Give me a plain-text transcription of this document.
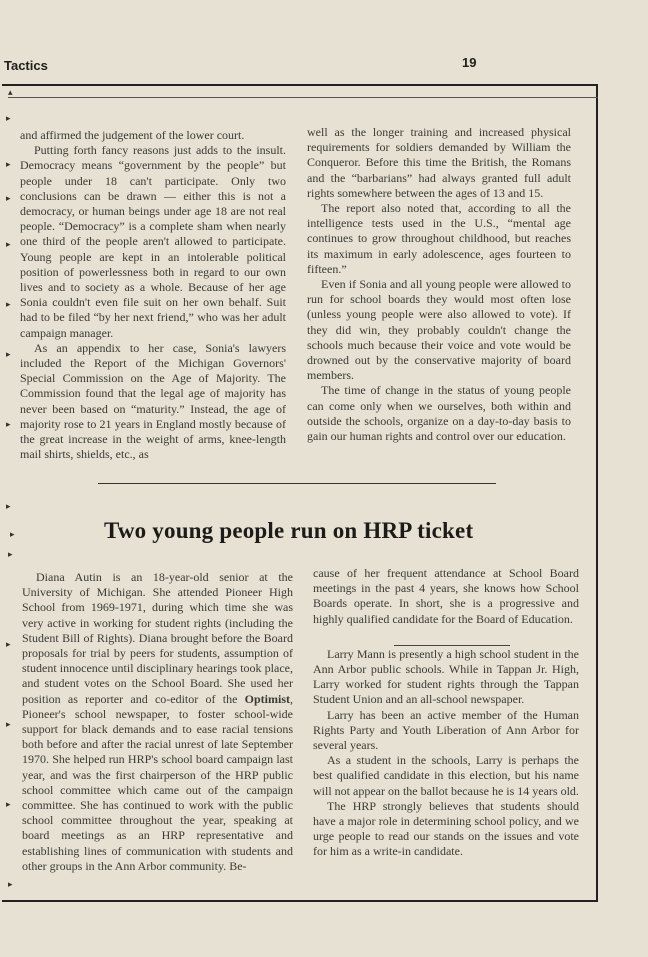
Tactics	19

and affirmed the judgement of the lower court.

Putting forth fancy reasons just adds to the insult. Democracy means “government by the people” but people under 18 can't participate. Only two conclusions can be drawn — either this is not a democracy, or human beings under age 18 are not real people. “Democracy” is a complete sham when nearly one third of the people aren't allowed to participate. Young people are kept in an intolerable political position of powerlessness both in regard to our own lives and to society as a whole. Because of her age Sonia couldn't even file suit on her own behalf. Suit had to be filed “by her next friend,” who was her adult campaign manager.

As an appendix to her case, Sonia's lawyers included the Report of the Michigan Governors' Special Commission on the Age of Majority. The Commission found that the legal age of majority has never been based on “maturity.” Instead, the age of majority rose to 21 years in England mostly because of the great increase in the weight of arms, knee-length mail shirts, shields, etc., as

well as the longer training and increased physical requirements for soldiers demanded by William the Conqueror. Before this time the British, the Romans and the “barbarians” had always granted full adult rights somewhere between the ages of 13 and 15.

The report also noted that, according to all the intelligence tests used in the U.S., “mental age continues to grow throughout childhood, but reaches its maximum in early adolescence, ages fourteen to fifteen.”

Even if Sonia and all young people were allowed to run for school boards they would most often lose (unless young people were also allowed to vote). If they did win, they probably couldn't change the schools much because their voice and vote would be drowned out by the conservative majority of board members.

The time of change in the status of young people can come only when we ourselves, both within and outside the schools, organize on a day-to-day basis to gain our human rights and control over our education.

Two young people run on HRP ticket

Diana Autin is an 18-year-old senior at the University of Michigan. She attended Pioneer High School from 1969-1971, during which time she was very active in working for student rights (including the Student Bill of Rights). Diana brought before the Board proposals for trial by peers for students, assumption of student innocence until disciplinary hearings took place, and student votes on the School Board. She used her position as reporter and co-editor of the Optimist, Pioneer's school newspaper, to foster school-wide support for black demands and to ease racial tensions both before and after the racial unrest of late September 1970. She helped run HRP's school board campaign last year, and was the first chairperson of the HRP public school committee which came out of the campaign committee. She has continued to work with the public school committee throughout the year, speaking at board meetings as an HRP representative and establishing lines of communication with students and other groups in the Ann Arbor community. Be-

cause of her frequent attendance at School Board meetings in the past 4 years, she knows how School Boards operate. In short, she is a progressive and highly qualified candidate for the Board of Education.

Larry Mann is presently a high school student in the Ann Arbor public schools. While in Tappan Jr. High, Larry worked for student rights through the Tappan Student Union and an all-school newspaper.

Larry has been an active member of the Human Rights Party and Youth Liberation of Ann Arbor for several years.

As a student in the schools, Larry is perhaps the best qualified candidate in this election, but his name will not appear on the ballot because he is 14 years old.

The HRP strongly believes that students should have a major role in determining school policy, and we urge people to read our stands on the issues and vote for him as a write-in candidate.

▴
▸
▸
▸
▸
▸
▸
▸
▸
▸
▸
▸
▸
▸
▸
